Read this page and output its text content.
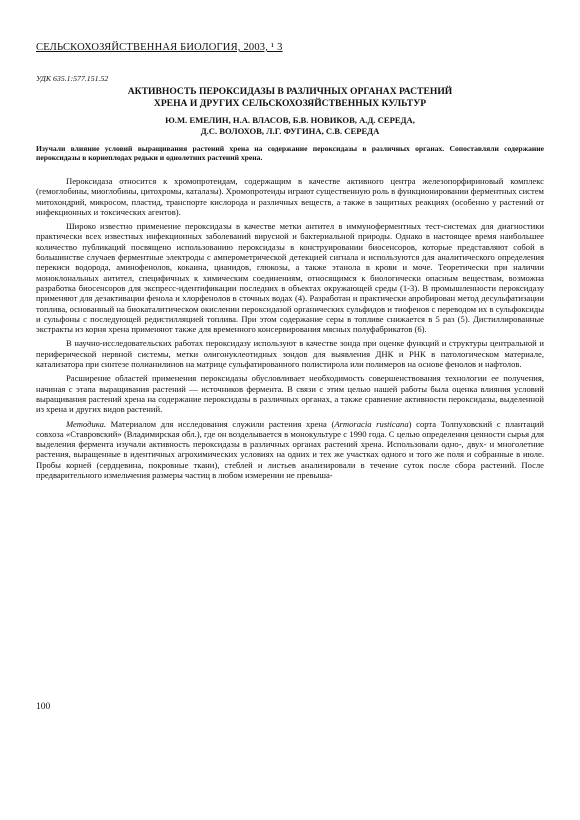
СЕЛЬСКОХОЗЯЙСТВЕННАЯ БИОЛОГИЯ, 2003, ¹ 3
УДК 635.1:577.151.52
АКТИВНОСТЬ ПЕРОКСИДАЗЫ В РАЗЛИЧНЫХ ОРГАНАХ РАСТЕНИЙ
ХРЕНА И ДРУГИХ СЕЛЬСКОХОЗЯЙСТВЕННЫХ КУЛЬТУР
Ю.М. ЕМЕЛИН, Н.А. ВЛАСОВ, Б.В. НОВИКОВ, А.Д. СЕРЕДА,
Д.С. ВОЛОХОВ, Л.Г. ФУГИНА, С.В. СЕРЕДА
Изучали влияние условий выращивания растений хрена на содержание пероксидазы в различных органах. Сопоставляли содержание пероксидазы в корнеплодах редьки и однолетних растений хрена.

Пероксидаза относится к хромопротеидам, содержащим в качестве активного центра железопорфириновый комплекс (гемоглобины, миоглобины, цитохромы, каталазы). Хромопротеиды играют существенную роль в функционировании ферментных систем митохондрий, микросом, пластид, транспорте кислорода и различных веществ, а также в защитных реакциях (особенно у растений от инфекционных и токсических агентов).

Широко известно применение пероксидазы в качестве метки антител в иммуноферментных тест-системах для диагностики практически всех известных инфекционных заболеваний вирусной и бактериальной природы. Однако в настоящее время наибольшее количество публикаций посвящено использованию пероксидазы в конструировании биосенсоров, которые представляют собой в большинстве случаев ферментные электроды с амперометрической детекцией сигнала и используются для аналитического определения перекиси водорода, аминофенолов, кокаина, цианидов, глюкозы, а также этанола в крови и моче. Теоретически при наличии моноклональных антител, специфичных к химическим соединениям, относящимся к биологически опасным веществам, возможна разработка биосенсоров для экспресс-идентификации последних в объектах окружающей среды (1-3). В промышленности пероксидазу применяют для дезактивации фенола и хлорфенолов в сточных водах (4). Разработан и практически апробирован метод десульфатизации топлива, основанный на биокаталитическом окислении пероксидазой органических сульфидов и тиофенов с переводом их в сульфоксиды и сульфоны с последующей редистилляцией топлива. При этом содержание серы в топливе снижается в 5 раз (5). Дистиллированные экстракты из корня хрена применяют также для временного консервирования мясных полуфабрикатов (6).

В научно-исследовательских работах пероксидазу используют в качестве зонда при оценке функций и структуры центральной и периферической нервной системы, метки олигонуклеотидных зондов для выявления ДНК и РНК в патологическом материале, катализатора при синтезе полианилинов на матрице сульфатированного полистирола или полимеров на основе фенолов и нафтолов.

Расширение областей применения пероксидазы обусловливает необходимость совершенствования технологии ее получения, начиная с этапа выращивания растений — источников фермента. В связи с этим целью нашей работы была оценка влияния условий выращивания растений хрена на содержание пероксидазы в различных органах, а также сравнение активности пероксидазы, выделенной из хрена и других видов растений.

Методика. Материалом для исследования служили растения хрена (Armoracia rusticana) сорта Толпуховский с плантаций совхоза «Ставровский» (Владимирская обл.), где он возделывается в монокультуре с 1990 года. С целью определения ценности сырья для выделения фермента изучали активность пероксидазы в различных органах растений хрена. Использовали одно-, двух- и многолетние растения, выращенные в идентичных агрохимических условиях на одних и тех же участках одного и того же поля и собранные в июле. Пробы корней (сердцевина, покровные ткани), стеблей и листьев анализировали в течение суток после сбора растений. После предварительного измельчения размеры частиц в любом измерении не превыша-

100
